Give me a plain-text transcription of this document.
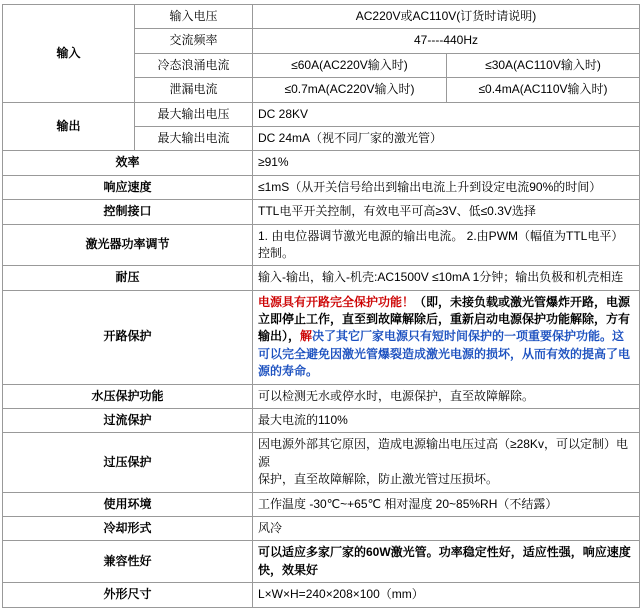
输入	输入电压	AC220V或AC110V(订货时请说明)	
	交流频率	47----440Hz	
	冷态浪涌电流	≤60A(AC220V输入时)	≤30A(AC110V输入时)
	泄漏电流	≤0.7mA(AC220V输入时)	≤0.4mA(AC110V输入时)
输出	最大输出电压	DC 28KV	
	最大输出电流	DC 24mA（视不同厂家的激光管）	
效率		≥91%	
响应速度		≤1mS（从开关信号给出到输出电流上升到设定电流90%的时间）	
控制接口		TTL电平开关控制，有效电平可高≥3V、低≤0.3V选择	
激光器功率调节		1. 由电位器调节激光电源的输出电流。 2.由PWM（幅值为TTL电平）控制。	
耐压		输入-输出，输入-机壳:AC1500V ≤10mA 1分钟；输出负极和机壳相连	
开路保护		电源具有开路完全保护功能！（即，未接负载或激光管爆炸开路，电源立即停止工作，直至到故障解除后，重新启动电源保护功能解除，方有输出），解决了其它厂家电源只有短时间保护的一项重要保护功能。这可以完全避免因激光管爆裂造成激光电源的损坏，从而有效的提高了电源的寿命。	
水压保护功能		可以检测无水或停水时，电源保护，直至故障解除。	
过流保护		最大电流的110%	
过压保护		因电源外部其它原因，造成电源输出电压过高（≥28Kv，可以定制）电源
保护，直至故障解除，防止激光管过压损坏。	
使用环境		工作温度 -30℃~+65℃ 相对湿度 20~85%RH（不结露）	
冷却形式		风冷	
兼容性好		可以适应多家厂家的60W激光管。功率稳定性好，适应性强，响应速度快，效果好	
外形尺寸		L×W×H=240×208×100（mm）	
